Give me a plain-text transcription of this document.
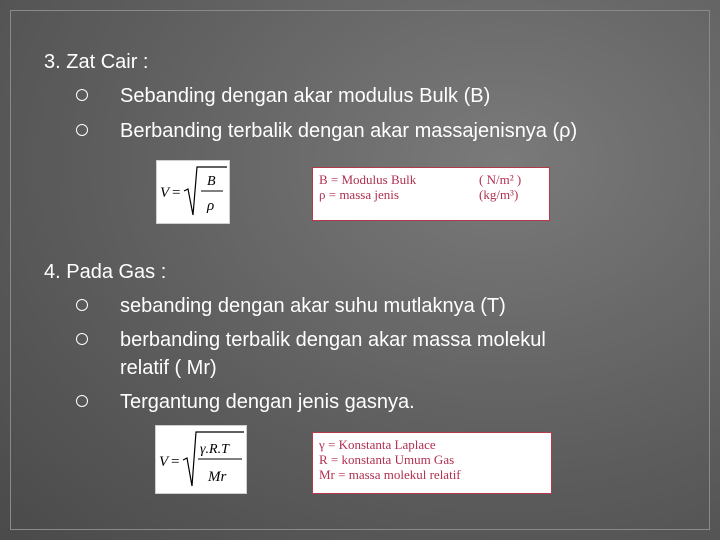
3. Zat Cair :
Sebanding dengan akar modulus Bulk (B)
Berbanding terbalik dengan akar massajenisnya (ρ)
V =
B
ρ
B = Modulus Bulk	( N/m² )
ρ = massa jenis	(kg/m³)
4. Pada Gas :
sebanding dengan akar suhu mutlaknya (T)
berbanding terbalik dengan akar massa molekul
relatif ( Mr)
Tergantung dengan jenis gasnya.
V =
γ.R.T
Mr
γ = Konstanta Laplace
R = konstanta Umum Gas
Mr = massa molekul relatif
